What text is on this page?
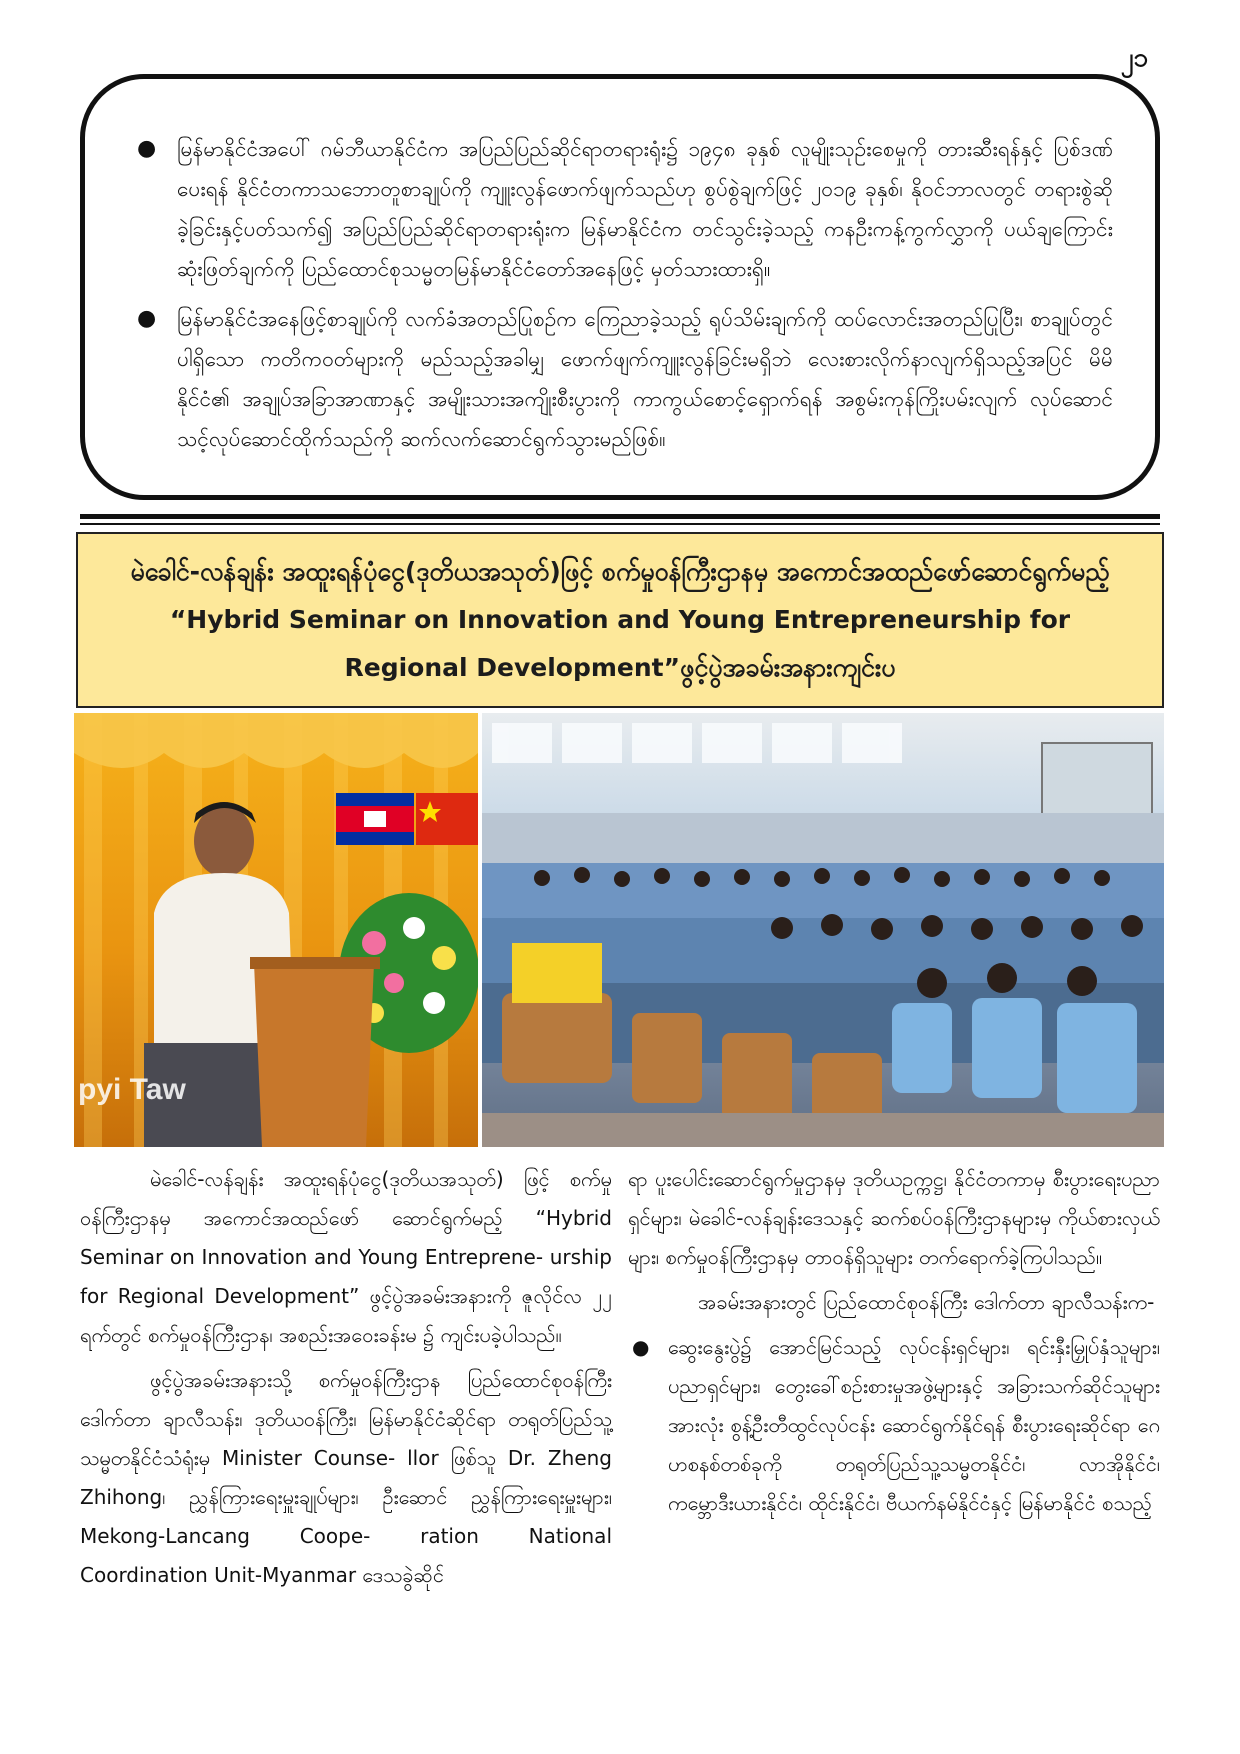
၂၁
● မြန်မာနိုင်ငံအပေါ် ဂမ်ဘီယာနိုင်ငံက အပြည်ပြည်ဆိုင်ရာတရားရုံး၌ ၁၉၄၈ ခုနှစ် လူမျိုးသုဉ်းစေမှုကို တားဆီးရန်နှင့် ပြစ်ဒဏ်ပေးရန် နိုင်ငံတကာသဘောတူစာချုပ်ကို ကျူးလွန်ဖောက်ဖျက်သည်ဟု စွပ်စွဲချက်ဖြင့် ၂၀၁၉ ခုနှစ်၊ နိုဝင်ဘာလတွင် တရားစွဲဆိုခဲ့ခြင်းနှင့်ပတ်သက်၍ အပြည်ပြည်ဆိုင်ရာတရားရုံးက မြန်မာနိုင်ငံက တင်သွင်းခဲ့သည့် ကနဦးကန့်ကွက်လွှာကို ပယ်ချကြောင်း ဆုံးဖြတ်ချက်ကို ပြည်ထောင်စုသမ္မတမြန်မာနိုင်ငံတော်အနေဖြင့် မှတ်သားထားရှိ။
● မြန်မာနိုင်ငံအနေဖြင့်စာချုပ်ကို လက်ခံအတည်ပြုစဉ်က ကြေညာခဲ့သည့် ရုပ်သိမ်းချက်ကို ထပ်လောင်းအတည်ပြုပြီး၊ စာချုပ်တွင်ပါရှိသော ကတိကဝတ်များကို မည်သည့်အခါမျှ ဖောက်ဖျက်ကျူးလွန်ခြင်းမရှိဘဲ လေးစားလိုက်နာလျက်ရှိသည့်အပြင် မိမိနိုင်ငံ၏ အချုပ်အခြာအာဏာနှင့် အမျိုးသားအကျိုးစီးပွားကို ကာကွယ်စောင့်ရှောက်ရန် အစွမ်းကုန်ကြိုးပမ်းလျက် လုပ်ဆောင်သင့်လုပ်ဆောင်ထိုက်သည်ကို ဆက်လက်ဆောင်ရွက်သွားမည်ဖြစ်။
မဲခေါင်-လန်ချန်း အထူးရန်ပုံငွေ(ဒုတိယအသုတ်)ဖြင့် စက်မှုဝန်ကြီးဌာနမှ အကောင်အထည်ဖော်ဆောင်ရွက်မည့် “Hybrid Seminar on Innovation and Young Entrepreneurship for Regional Development”ဖွင့်ပွဲအခမ်းအနားကျင်းပ
pyi Taw

မဲခေါင်-လန်ချန်း အထူးရန်ပုံငွေ(ဒုတိယအသုတ်) ဖြင့် စက်မှုဝန်ကြီးဌာနမှ အကောင်အထည်ဖော် ဆောင်ရွက်မည့် “Hybrid Seminar on Innovation and Young Entreprene- urship for Regional Development” ဖွင့်ပွဲအခမ်းအနားကို ဇူလိုင်လ ၂၂ ရက်တွင် စက်မှုဝန်ကြီးဌာန၊ အစည်းအဝေးခန်းမ ၌ ကျင်းပခဲ့ပါသည်။

ဖွင့်ပွဲအခမ်းအနားသို့ စက်မှုဝန်ကြီးဌာန ပြည်ထောင်စုဝန်ကြီး ဒေါက်တာ ချာလီသန်း၊ ဒုတိယဝန်ကြီး၊ မြန်မာနိုင်ငံဆိုင်ရာ တရုတ်ပြည်သူ့သမ္မတနိုင်ငံသံရုံးမှ Minister Counse- llor ဖြစ်သူ Dr. Zheng Zhihong၊ ညွှန်ကြားရေးမှူးချုပ်များ၊ ဦးဆောင် ညွှန်ကြားရေးမှူးများ၊ Mekong-Lancang Coope- ration National Coordination Unit-Myanmar ဒေသခွဲဆိုင်

ရာ ပူးပေါင်းဆောင်ရွက်မှုဌာနမှ ဒုတိယဥက္ကဋ္ဌ၊ နိုင်ငံတကာမှ စီးပွားရေးပညာရှင်များ၊ မဲခေါင်-လန်ချန်းဒေသနှင့် ဆက်စပ်ဝန်ကြီးဌာနများမှ ကိုယ်စားလှယ်များ၊ စက်မှုဝန်ကြီးဌာနမှ တာဝန်ရှိသူများ တက်ရောက်ခဲ့ကြပါသည်။

အခမ်းအနားတွင် ပြည်ထောင်စုဝန်ကြီး ဒေါက်တာ ချာလီသန်းက-

● ဆွေးနွေးပွဲ၌ အောင်မြင်သည့် လုပ်ငန်းရှင်များ၊ ရင်းနှီးမြှုပ်နှံသူများ၊ ပညာရှင်များ၊ တွေးခေါ်စဉ်းစားမှုအဖွဲ့များနှင့် အခြားသက်ဆိုင်သူများအားလုံး စွန့်ဦးတီထွင်လုပ်ငန်း ဆောင်ရွက်နိုင်ရန် စီးပွားရေးဆိုင်ရာ ဂေဟစနစ်တစ်ခုကို တရုတ်ပြည်သူ့သမ္မတနိုင်ငံ၊ လာအိုနိုင်ငံ၊ ကမ္ဘောဒီးယားနိုင်ငံ၊ ထိုင်းနိုင်ငံ၊ ဗီယက်နမ်နိုင်ငံနှင့် မြန်မာနိုင်ငံ စသည့်
